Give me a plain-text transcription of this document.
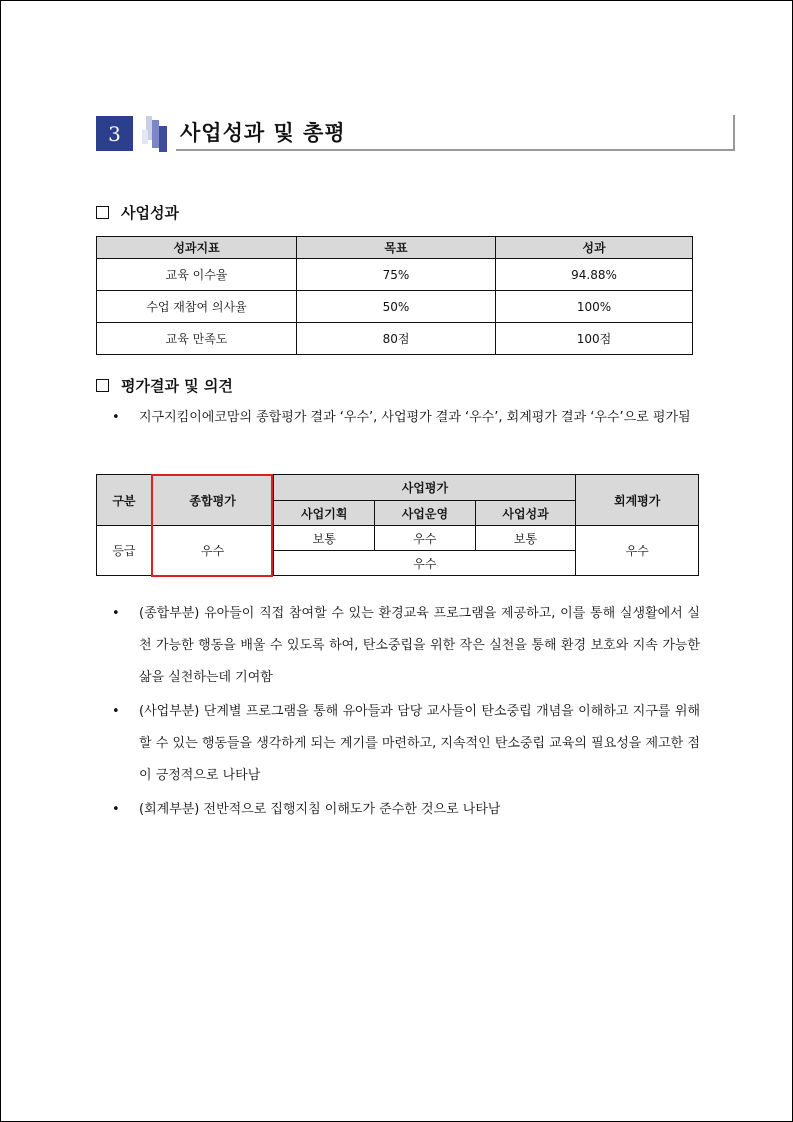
3	사업성과 및 총평
사업성과
성과지표	목표	성과
교육 이수율	75%	94.88%
수업 재참여 의사율	50%	100%
교육 만족도	80점	100점
평가결과 및 의견
•	지구지킴이에코맘의 종합평가 결과 ‘우수’, 사업평가 결과 ‘우수’, 회계평가 결과 ‘우수’으로 평가됨
구분	종합평가	사업평가			회계평가
		사업기획	사업운영	사업성과	
등급	우수	보통	우수	보통	우수
		우수			
•	(종합부분) 유아들이 직접 참여할 수 있는 환경교육 프로그램을 제공하고, 이를 통해 실생활에서 실천 가능한 행동을 배울 수 있도록 하여, 탄소중립을 위한 작은 실천을 통해 환경 보호와 지속 가능한 삶을 실천하는데 기여함
•	(사업부분) 단계별 프로그램을 통해 유아들과 담당 교사들이 탄소중립 개념을 이해하고 지구를 위해 할 수 있는 행동들을 생각하게 되는 계기를 마련하고, 지속적인 탄소중립 교육의 필요성을 제고한 점이 긍정적으로 나타남
•	(회계부분) 전반적으로 집행지침 이해도가 준수한 것으로 나타남
